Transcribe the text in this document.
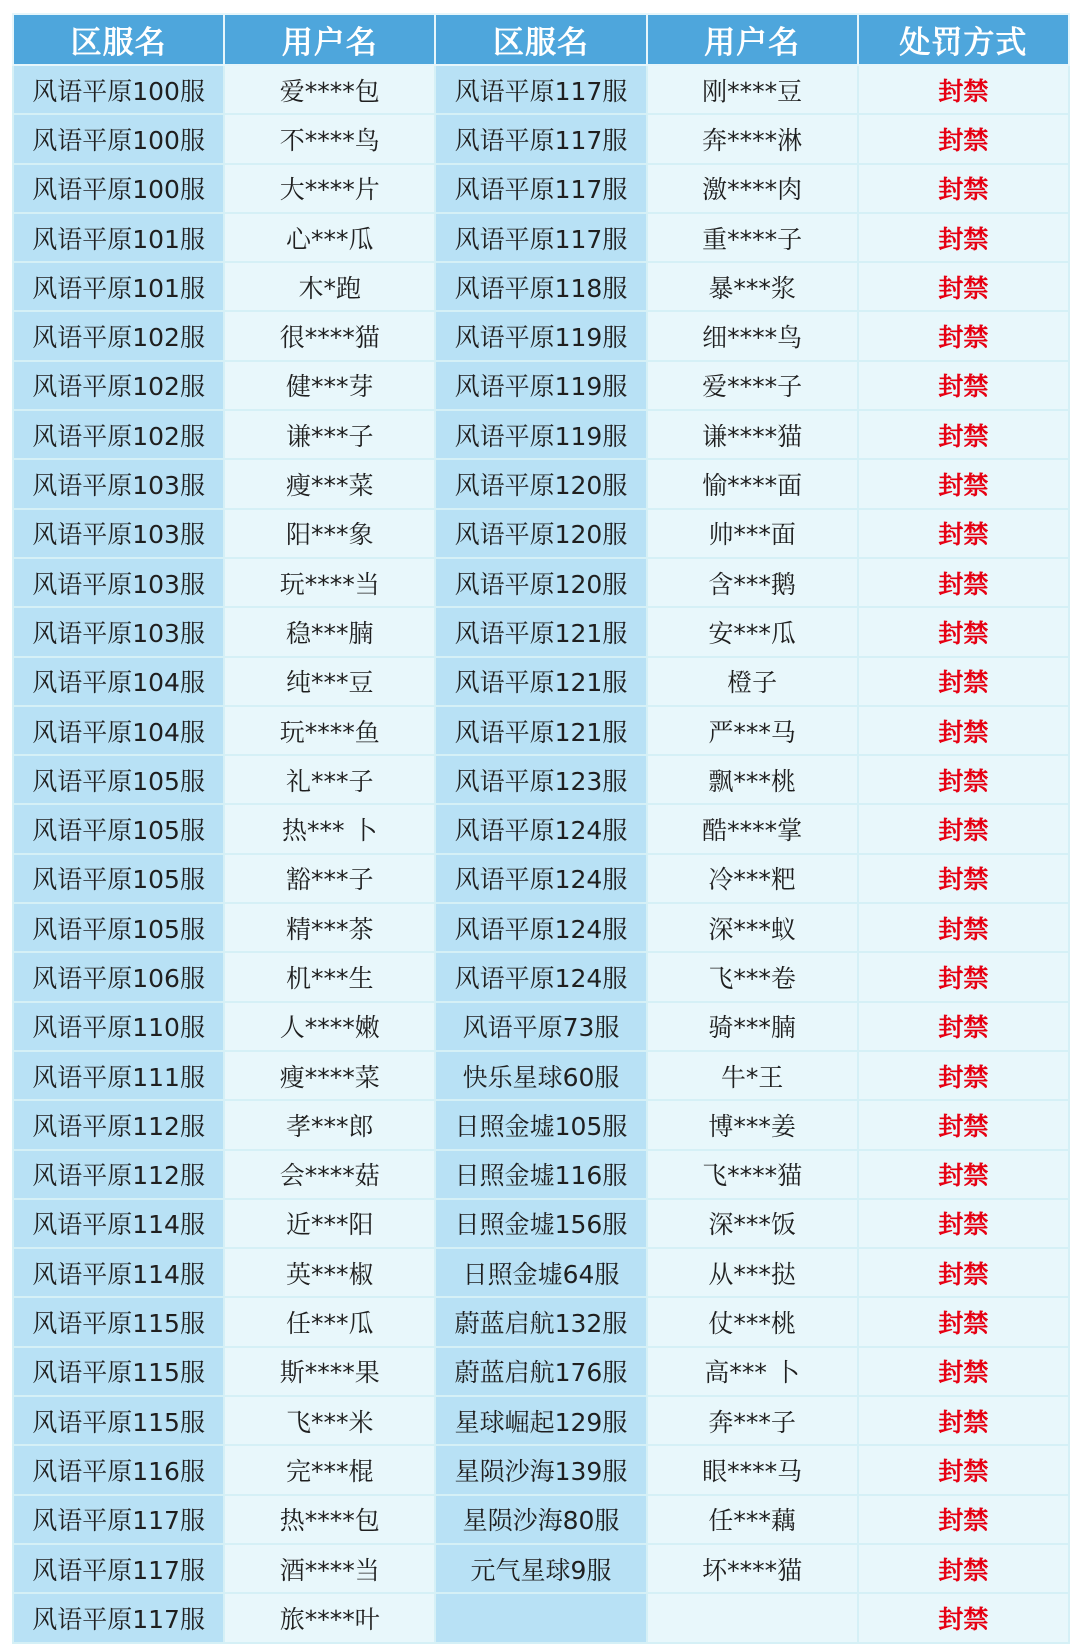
区服名	用户名	区服名	用户名	处罚方式
风语平原100服	爱****包	风语平原117服	刚****豆	封禁
风语平原100服	不****鸟	风语平原117服	奔****淋	封禁
风语平原100服	大****片	风语平原117服	激****肉	封禁
风语平原101服	心***瓜	风语平原117服	重****子	封禁
风语平原101服	木*跑	风语平原118服	暴***浆	封禁
风语平原102服	很****猫	风语平原119服	细****鸟	封禁
风语平原102服	健***芽	风语平原119服	爱****子	封禁
风语平原102服	谦***子	风语平原119服	谦****猫	封禁
风语平原103服	瘦***菜	风语平原120服	愉****面	封禁
风语平原103服	阳***象	风语平原120服	帅***面	封禁
风语平原103服	玩****当	风语平原120服	含***鹅	封禁
风语平原103服	稳***腩	风语平原121服	安***瓜	封禁
风语平原104服	纯***豆	风语平原121服	橙子	封禁
风语平原104服	玩****鱼	风语平原121服	严***马	封禁
风语平原105服	礼***子	风语平原123服	飘***桃	封禁
风语平原105服	热*** 卜	风语平原124服	酷****掌	封禁
风语平原105服	豁***子	风语平原124服	冷***粑	封禁
风语平原105服	精***茶	风语平原124服	深***蚁	封禁
风语平原106服	机***生	风语平原124服	飞***卷	封禁
风语平原110服	人****嫩	风语平原73服	骑***腩	封禁
风语平原111服	瘦****菜	快乐星球60服	牛*王	封禁
风语平原112服	孝***郎	日照金墟105服	博***姜	封禁
风语平原112服	会****菇	日照金墟116服	飞****猫	封禁
风语平原114服	近***阳	日照金墟156服	深***饭	封禁
风语平原114服	英***椒	日照金墟64服	从***挞	封禁
风语平原115服	任***瓜	蔚蓝启航132服	仗***桃	封禁
风语平原115服	斯****果	蔚蓝启航176服	高*** 卜	封禁
风语平原115服	飞***米	星球崛起129服	奔***子	封禁
风语平原116服	完***棍	星陨沙海139服	眼****马	封禁
风语平原117服	热****包	星陨沙海80服	任***藕	封禁
风语平原117服	酒****当	元气星球9服	坏****猫	封禁
风语平原117服	旅****叶			封禁
